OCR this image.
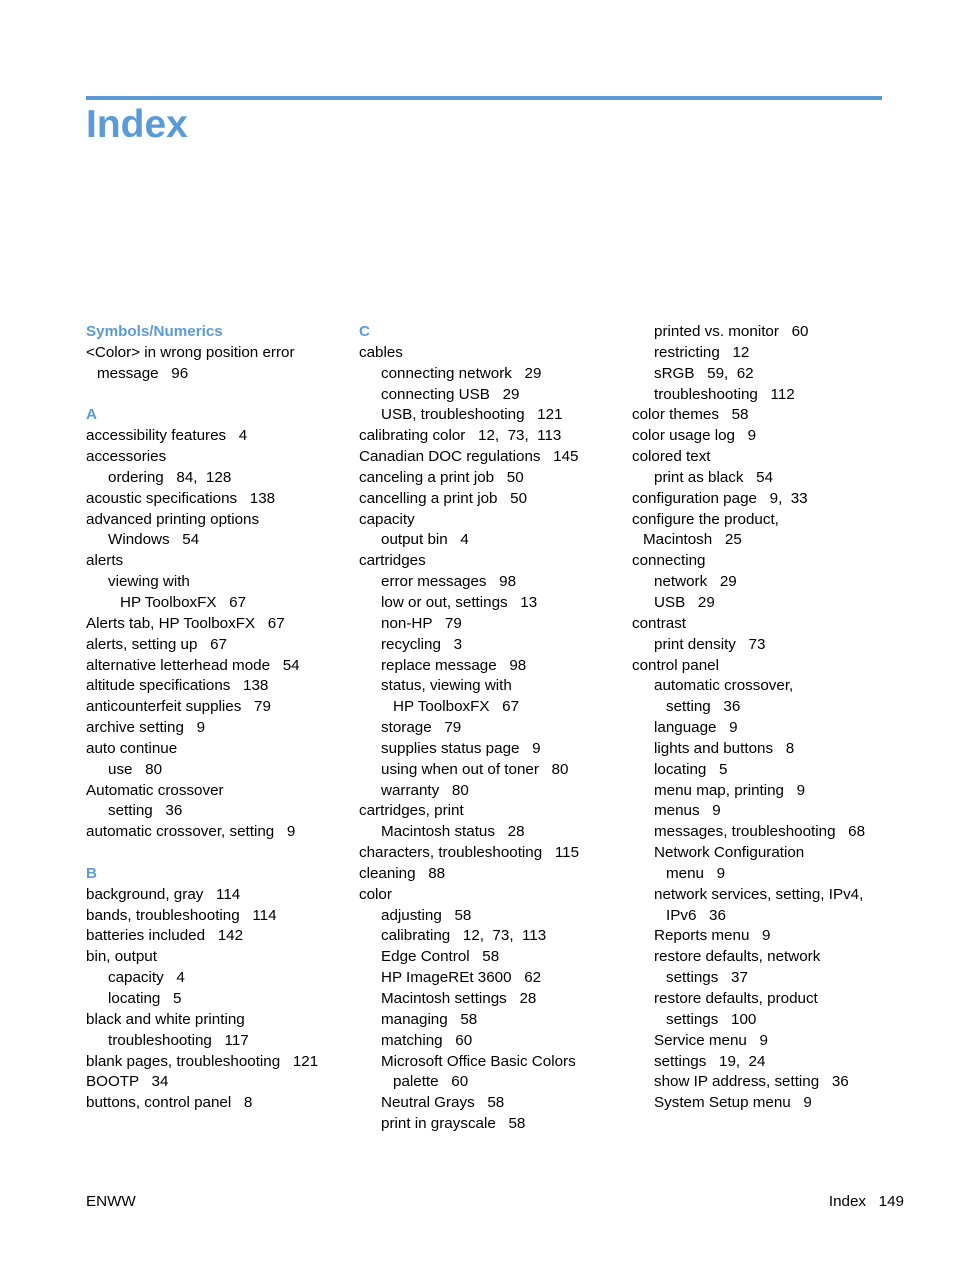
Index
Symbols/Numerics
<Color> in wrong position error
message   96
A
accessibility features   4
accessories
ordering   84,  128
acoustic specifications   138
advanced printing options
Windows   54
alerts
viewing with
HP ToolboxFX   67
Alerts tab, HP ToolboxFX   67
alerts, setting up   67
alternative letterhead mode   54
altitude specifications   138
anticounterfeit supplies   79
archive setting   9
auto continue
use   80
Automatic crossover
setting   36
automatic crossover, setting   9
B
background, gray   114
bands, troubleshooting   114
batteries included   142
bin, output
capacity   4
locating   5
black and white printing
troubleshooting   117
blank pages, troubleshooting   121
BOOTP   34
buttons, control panel   8
C
cables
connecting network   29
connecting USB   29
USB, troubleshooting   121
calibrating color   12,  73,  113
Canadian DOC regulations   145
canceling a print job   50
cancelling a print job   50
capacity
output bin   4
cartridges
error messages   98
low or out, settings   13
non-HP   79
recycling   3
replace message   98
status, viewing with
HP ToolboxFX   67
storage   79
supplies status page   9
using when out of toner   80
warranty   80
cartridges, print
Macintosh status   28
characters, troubleshooting   115
cleaning   88
color
adjusting   58
calibrating   12,  73,  113
Edge Control   58
HP ImageREt 3600   62
Macintosh settings   28
managing   58
matching   60
Microsoft Office Basic Colors
palette   60
Neutral Grays   58
print in grayscale   58
printed vs. monitor   60
restricting   12
sRGB   59,  62
troubleshooting   112
color themes   58
color usage log   9
colored text
print as black   54
configuration page   9,  33
configure the product,
Macintosh   25
connecting
network   29
USB   29
contrast
print density   73
control panel
automatic crossover,
setting   36
language   9
lights and buttons   8
locating   5
menu map, printing   9
menus   9
messages, troubleshooting   68
Network Configuration
menu   9
network services, setting, IPv4,
IPv6   36
Reports menu   9
restore defaults, network
settings   37
restore defaults, product
settings   100
Service menu   9
settings   19,  24
show IP address, setting   36
System Setup menu   9
ENWW	Index   149
